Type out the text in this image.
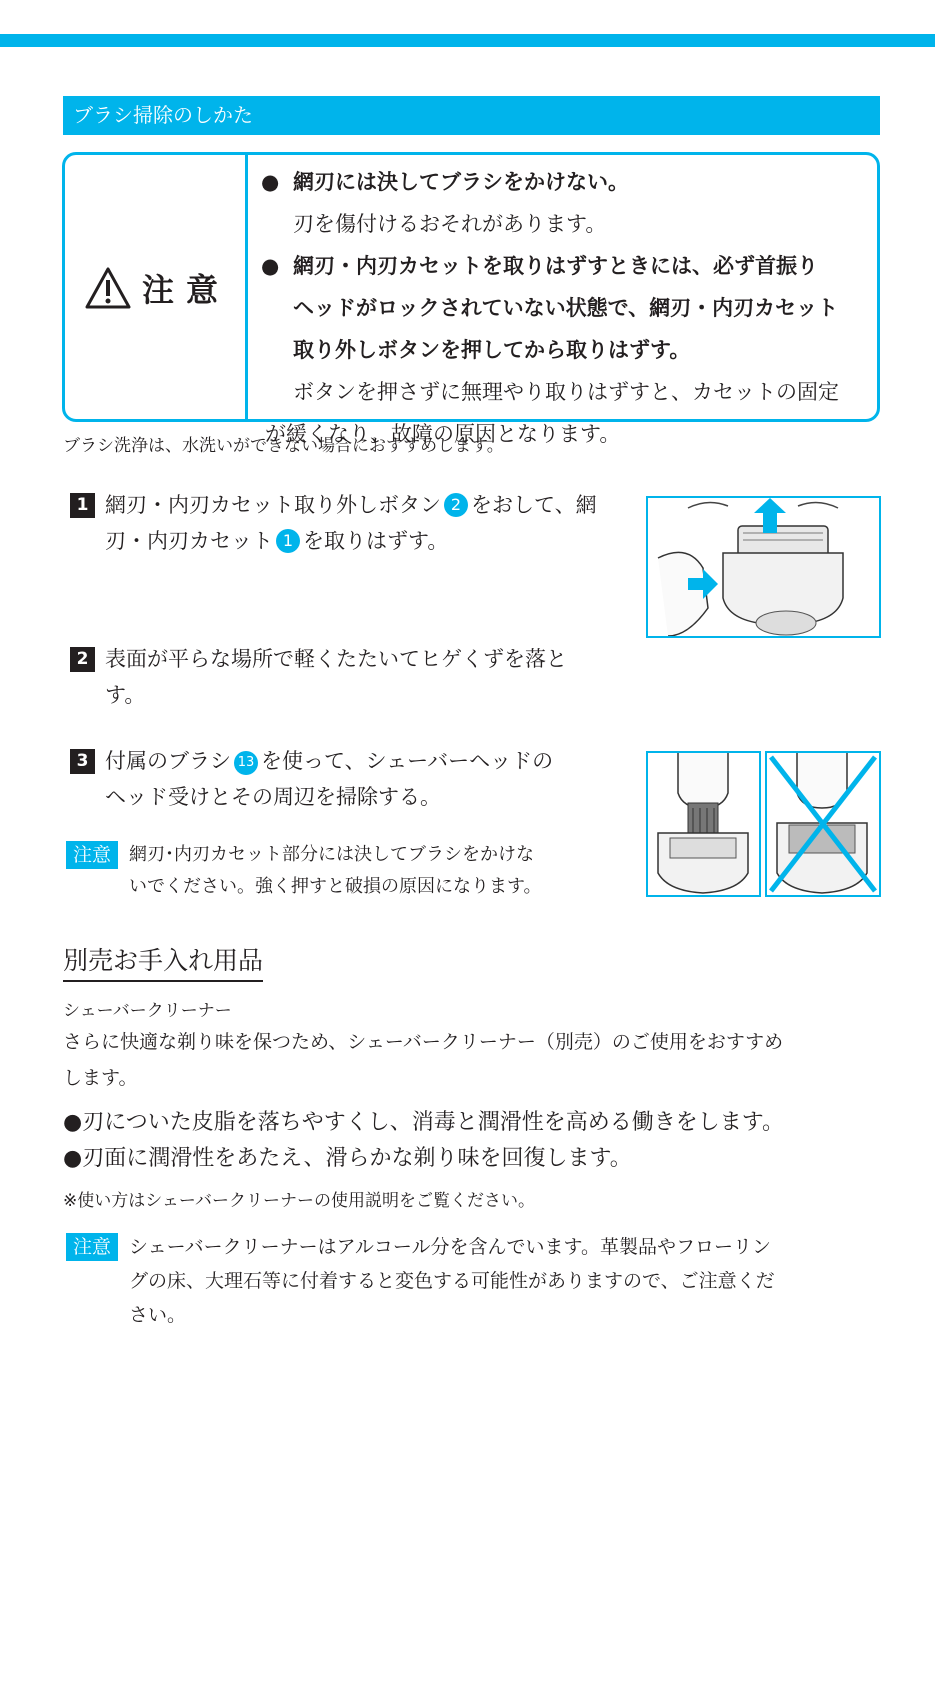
ブラシ掃除のしかた
注意
● 網刃には決してブラシをかけない。
刃を傷付けるおそれがあります。
● 網刃・内刃カセットを取りはずすときには、必ず首振り
ヘッドがロックされていない状態で、網刃・内刃カセット
取り外しボタンを押してから取りはずす。
ボタンを押さずに無理やり取りはずすと、カセットの固定
が緩くなり、故障の原因となります。
ブラシ洗浄は、水洗いができない場合におすすめします。
1 網刃・内刃カセット取り外しボタン 2 をおして、網
刃・内刃カセット 1 を取りはずす。
2 表面が平らな場所で軽くたたいてヒゲくずを落と
す。
3 付属のブラシ 13 を使って、シェーバーヘッドの
ヘッド受けとその周辺を掃除する。
注意	網刃･内刃カセット部分には決してブラシをかけな
いでください。強く押すと破損の原因になります。
別売お手入れ用品
シェーバークリーナー
さらに快適な剃り味を保つため、シェーバークリーナー（別売）のご使用をおすすめ
します。
●刃についた皮脂を落ちやすくし、消毒と潤滑性を高める働きをします。
●刃面に潤滑性をあたえ、滑らかな剃り味を回復します。
※使い方はシェーバークリーナーの使用説明をご覧ください。
注意 シェーバークリーナーはアルコール分を含んでいます。革製品やフローリン
グの床、大理石等に付着すると変色する可能性がありますので、ご注意くだ
さい。
